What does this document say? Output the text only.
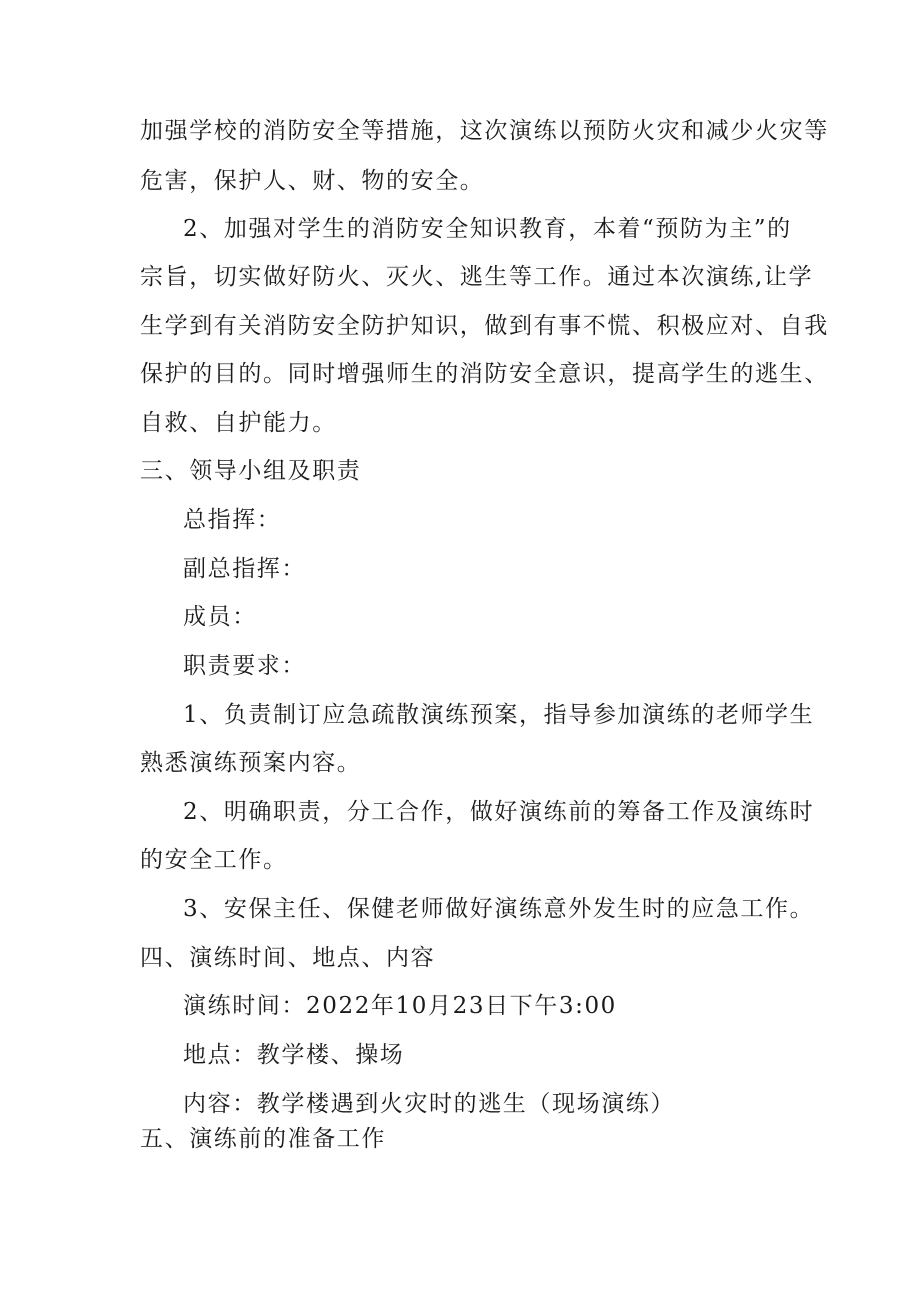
加强学校的消防安全等措施，这次演练以预防火灾和减少火灾等
危害，保护人、财、物的安全。
2、加强对学生的消防安全知识教育，本着“预防为主”的
宗旨，切实做好防火、灭火、逃生等工作。通过本次演练,让学
生学到有关消防安全防护知识，做到有事不慌、积极应对、自我
保护的目的。同时增强师生的消防安全意识，提高学生的逃生、
自救、自护能力。
三、领导小组及职责
总指挥：
副总指挥：
成员：
职责要求：
1、负责制订应急疏散演练预案，指导参加演练的老师学生
熟悉演练预案内容。
2、明确职责，分工合作，做好演练前的筹备工作及演练时
的安全工作。
3、安保主任、保健老师做好演练意外发生时的应急工作。
四、演练时间、地点、内容
演练时间：2022年10月23日下午3:00
地点：教学楼、操场
内容：教学楼遇到火灾时的逃生（现场演练）
五、演练前的准备工作
